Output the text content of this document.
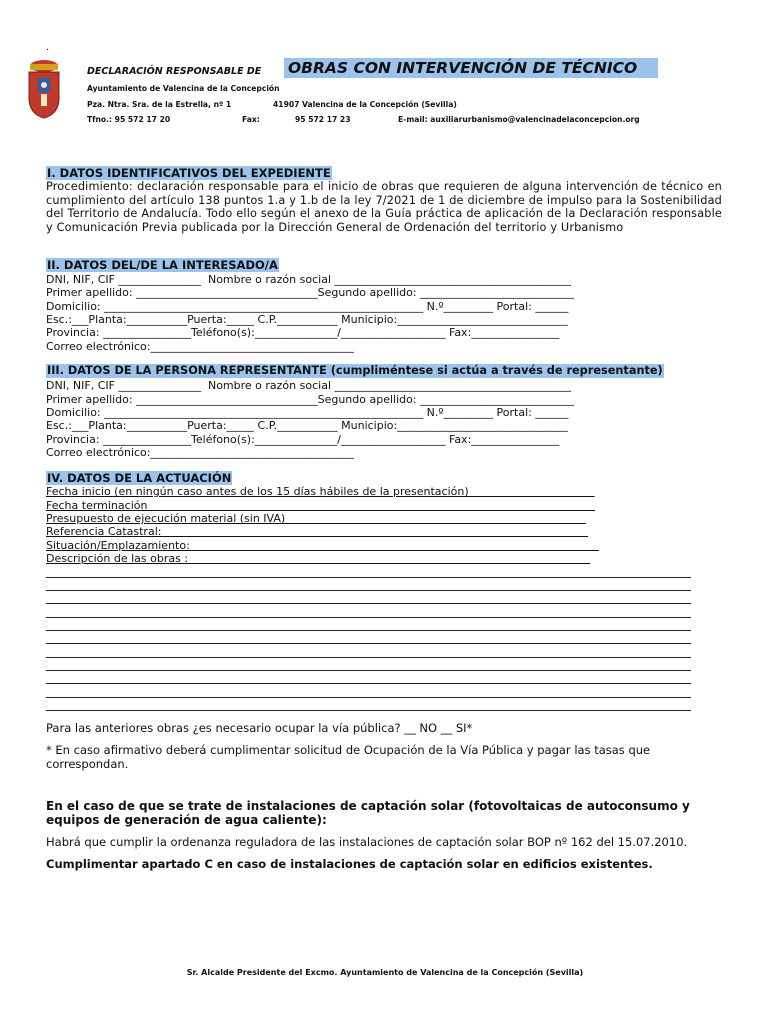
.
DECLARACIÓN RESPONSABLE DE OBRAS CON INTERVENCIÓN DE TÉCNICO
Ayuntamiento de Valencina de la Concepción
Pza. Ntra. Sra. de la Estrella, nº 1	41907 Valencina de la Concepción (Sevilla)
Tfno.: 95 572 17 20	Fax:	95 572 17 23	E-mail: auxiliarurbanismo@valencinadelaconcepcion.org
I. DATOS IDENTIFICATIVOS DEL EXPEDIENTE
Procedimiento: declaración responsable para el inicio de obras que requieren de alguna intervención de técnico en cumplimiento del artículo 138 puntos 1.a y 1.b de la ley 7/2021 de 1 de diciembre de impulso para la Sostenibilidad del Territorio de Andalucía. Todo ello según el anexo de la Guía práctica de aplicación de la Declaración responsable y Comunicación Previa publicada por la Dirección General de Ordenación del territorio y Urbanismo
II. DATOS DEL/DE LA INTERESADO/A
DNI, NIF, CIF _______________  Nombre o razón social ___________________________________________
Primer apellido: _________________________________Segundo apellido: ____________________________
Domicilio: __________________________________________________________ N.º_________ Portal: ______
Esc.:___Planta:___________Puerta:_____ C.P.___________ Municipio:_______________________________
Provincia: ________________Teléfono(s):_______________/___________________ Fax:________________
Correo electrónico:_____________________________________
III. DATOS DE LA PERSONA REPRESENTANTE (cumpliméntese si actúa a través de representante)
DNI, NIF, CIF _______________  Nombre o razón social ___________________________________________
Primer apellido: _________________________________Segundo apellido: ____________________________
Domicilio: __________________________________________________________ N.º_________ Portal: ______
Esc.:___Planta:___________Puerta:_____ C.P.___________ Municipio:_______________________________
Provincia: ________________Teléfono(s):_______________/___________________ Fax:________________
Correo electrónico:_____________________________________
IV. DATOS DE LA ACTUACIÓN
Fecha inicio (en ningún caso antes de los 15 días hábiles de la presentación)
Fecha terminación
Presupuesto de ejecución material (sin IVA)
Referencia Catastral:
Situación/Emplazamiento:
Descripción de las obras :
Para las anteriores obras ¿es necesario ocupar la vía pública? __ NO __ SI*
* En caso afirmativo deberá cumplimentar solicitud de Ocupación de la Vía Pública y pagar las tasas que correspondan.
En el caso de que se trate de instalaciones de captación solar (fotovoltaicas de autoconsumo y equipos de generación de agua caliente):
Habrá que cumplir la ordenanza reguladora de las instalaciones de captación solar BOP nº 162 del 15.07.2010.
Cumplimentar apartado C en caso de instalaciones de captación solar en edificios existentes.
Sr. Alcalde Presidente del Excmo. Ayuntamiento de Valencina de la Concepción (Sevilla)
